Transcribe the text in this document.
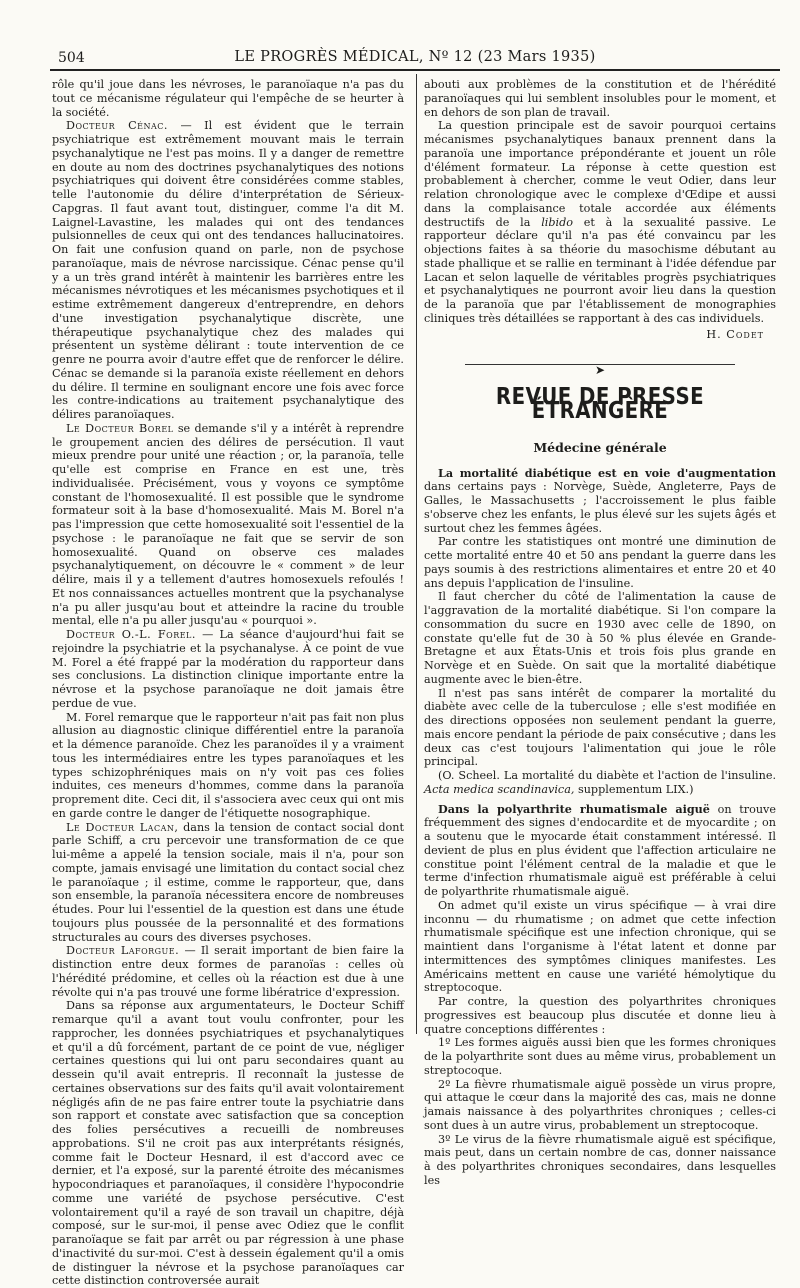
504	LE PROGRÈS MÉDICAL, Nº 12 (23 Mars 1935)

rôle qu'il joue dans les névroses, le paranoïaque n'a pas du tout ce mécanisme régulateur qui l'empêche de se heurter à la société.

Docteur Cénac. — Il est évident que le terrain psychiatrique est extrêmement mouvant mais le terrain psychanalytique ne l'est pas moins. Il y a danger de remettre en doute au nom des doctrines psychanalytiques des notions psychiatriques qui doivent être considérées comme stables, telle l'autonomie du délire d'interprétation de Sérieux-Capgras. Il faut avant tout, distinguer, comme l'a dit M. Laignel-Lavastine, les malades qui ont des tendances pulsionnelles de ceux qui ont des tendances hallucinatoires. On fait une confusion quand on parle, non de psychose paranoïaque, mais de névrose narcissique. Cénac pense qu'il y a un très grand intérêt à maintenir les barrières entre les mécanismes névrotiques et les mécanismes psychotiques et il estime extrêmement dangereux d'entreprendre, en dehors d'une investigation psychanalytique discrète, une thérapeutique psychanalytique chez des malades qui présentent un système délirant : toute intervention de ce genre ne pourra avoir d'autre effet que de renforcer le délire. Cénac se demande si la paranoïa existe réellement en dehors du délire. Il termine en soulignant encore une fois avec force les contre-indications au traitement psychanalytique des délires paranoïaques.

Le Docteur Borel se demande s'il y a intérêt à reprendre le groupement ancien des délires de persécution. Il vaut mieux prendre pour unité une réaction ; or, la paranoïa, telle qu'elle est comprise en France en est une, très individualisée. Précisément, vous y voyons ce symptôme constant de l'homosexualité. Il est possible que le syndrome formateur soit à la base d'homosexualité. Mais M. Borel n'a pas l'impression que cette homosexualité soit l'essentiel de la psychose : le paranoïaque ne fait que se servir de son homosexualité. Quand on observe ces malades psychanalytiquement, on découvre le « comment » de leur délire, mais il y a tellement d'autres homosexuels refoulés ! Et nos connaissances actuelles montrent que la psychanalyse n'a pu aller jusqu'au bout et atteindre la racine du trouble mental, elle n'a pu aller jusqu'au « pourquoi ».

Docteur O.-L. Forel. — La séance d'aujourd'hui fait se rejoindre la psychiatrie et la psychanalyse. À ce point de vue M. Forel a été frappé par la modération du rapporteur dans ses conclusions. La distinction clinique importante entre la névrose et la psychose paranoïaque ne doit jamais être perdue de vue.

M. Forel remarque que le rapporteur n'ait pas fait non plus allusion au diagnostic clinique différentiel entre la paranoïa et la démence paranoïde. Chez les paranoïdes il y a vraiment tous les intermédiaires entre les types paranoïaques et les types schizophréniques mais on n'y voit pas ces folies induites, ces meneurs d'hommes, comme dans la paranoïa proprement dite. Ceci dit, il s'associera avec ceux qui ont mis en garde contre le danger de l'étiquette nosographique.

Le Docteur Lacan, dans la tension de contact social dont parle Schiff, a cru percevoir une transformation de ce que lui-même a appelé la tension sociale, mais il n'a, pour son compte, jamais envisagé une limitation du contact social chez le paranoïaque ; il estime, comme le rapporteur, que, dans son ensemble, la paranoïa nécessitera encore de nombreuses études. Pour lui l'essentiel de la question est dans une étude toujours plus poussée de la personnalité et des formations structurales au cours des diverses psychoses.

Docteur Laforgue. — Il serait important de bien faire la distinction entre deux formes de paranoïas : celles où l'hérédité prédomine, et celles où la réaction est due à une révolte qui n'a pas trouvé une forme libératrice d'expression.

Dans sa réponse aux argumentateurs, le Docteur Schiff remarque qu'il a avant tout voulu confronter, pour les rapprocher, les données psychiatriques et psychanalytiques et qu'il a dû forcément, partant de ce point de vue, négliger certaines questions qui lui ont paru secondaires quant au dessein qu'il avait entrepris. Il reconnaît la justesse de certaines observations sur des faits qu'il avait volontairement négligés afin de ne pas faire entrer toute la psychiatrie dans son rapport et constate avec satisfaction que sa conception des folies persécutives a recueilli de nombreuses approbations. S'il ne croit pas aux interprétants résignés, comme fait le Docteur Hesnard, il est d'accord avec ce dernier, et l'a exposé, sur la parenté étroite des mécanismes hypocondriaques et paranoïaques, il considère l'hypocondrie comme une variété de psychose persécutive. C'est volontairement qu'il a rayé de son travail un chapitre, déjà composé, sur le sur-moi, il pense avec Odiez que le conflit paranoïaque se fait par arrêt ou par régression à une phase d'inactivité du sur-moi. C'est à dessein également qu'il a omis de distinguer la névrose et la psychose paranoïaques car cette distinction controversée aurait

abouti aux problèmes de la constitution et de l'hérédité paranoïaques qui lui semblent insolubles pour le moment, et en dehors de son plan de travail.

La question principale est de savoir pourquoi certains mécanismes psychanalytiques banaux prennent dans la paranoïa une importance prépondérante et jouent un rôle d'élément formateur. La réponse à cette question est probablement à chercher, comme le veut Odier, dans leur relation chronologique avec le complexe d'Œdipe et aussi dans la complaisance totale accordée aux éléments destructifs de la libido et à la sexualité passive. Le rapporteur déclare qu'il n'a pas été convaincu par les objections faites à sa théorie du masochisme débutant au stade phallique et se rallie en terminant à l'idée défendue par Lacan et selon laquelle de véritables progrès psychiatriques et psychanalytiques ne pourront avoir lieu dans la question de la paranoïa que par l'établissement de monographies cliniques très détaillées se rapportant à des cas individuels.

H. Codet
➤
REVUE DE PRESSE ÉTRANGÈRE
Médecine générale

La mortalité diabétique est en voie d'augmentation dans certains pays : Norvège, Suède, Angleterre, Pays de Galles, le Massachusetts ; l'accroissement le plus faible s'observe chez les enfants, le plus élevé sur les sujets âgés et surtout chez les femmes âgées.

Par contre les statistiques ont montré une diminution de cette mortalité entre 40 et 50 ans pendant la guerre dans les pays soumis à des restrictions alimentaires et entre 20 et 40 ans depuis l'application de l'insuline.

Il faut chercher du côté de l'alimentation la cause de l'aggravation de la mortalité diabétique. Si l'on compare la consommation du sucre en 1930 avec celle de 1890, on constate qu'elle fut de 30 à 50 % plus élevée en Grande-Bretagne et aux États-Unis et trois fois plus grande en Norvège et en Suède. On sait que la mortalité diabétique augmente avec le bien-être.

Il n'est pas sans intérêt de comparer la mortalité du diabète avec celle de la tuberculose ; elle s'est modifiée en des directions opposées non seulement pendant la guerre, mais encore pendant la période de paix consécutive ; dans les deux cas c'est toujours l'alimentation qui joue le rôle principal.

(O. Scheel. La mortalité du diabète et l'action de l'insuline. Acta medica scandinavica, supplementum LIX.)

Dans la polyarthrite rhumatismale aiguë on trouve fréquemment des signes d'endocardite et de myocardite ; on a soutenu que le myocarde était constamment intéressé. Il devient de plus en plus évident que l'affection articulaire ne constitue point l'élément central de la maladie et que le terme d'infection rhumatismale aiguë est préférable à celui de polyarthrite rhumatismale aiguë.

On admet qu'il existe un virus spécifique — à vrai dire inconnu — du rhumatisme ; on admet que cette infection rhumatismale spécifique est une infection chronique, qui se maintient dans l'organisme à l'état latent et donne par intermittences des symptômes cliniques manifestes. Les Américains mettent en cause une variété hémolytique du streptocoque.

Par contre, la question des polyarthrites chroniques progressives est beaucoup plus discutée et donne lieu à quatre conceptions différentes :

1º Les formes aiguës aussi bien que les formes chroniques de la polyarthrite sont dues au même virus, probablement un streptocoque.

2º La fièvre rhumatismale aiguë possède un virus propre, qui attaque le cœur dans la majorité des cas, mais ne donne jamais naissance à des polyarthrites chroniques ; celles-ci sont dues à un autre virus, probablement un streptocoque.

3º Le virus de la fièvre rhumatismale aiguë est spécifique, mais peut, dans un certain nombre de cas, donner naissance à des polyarthrites chroniques secondaires, dans lesquelles les
